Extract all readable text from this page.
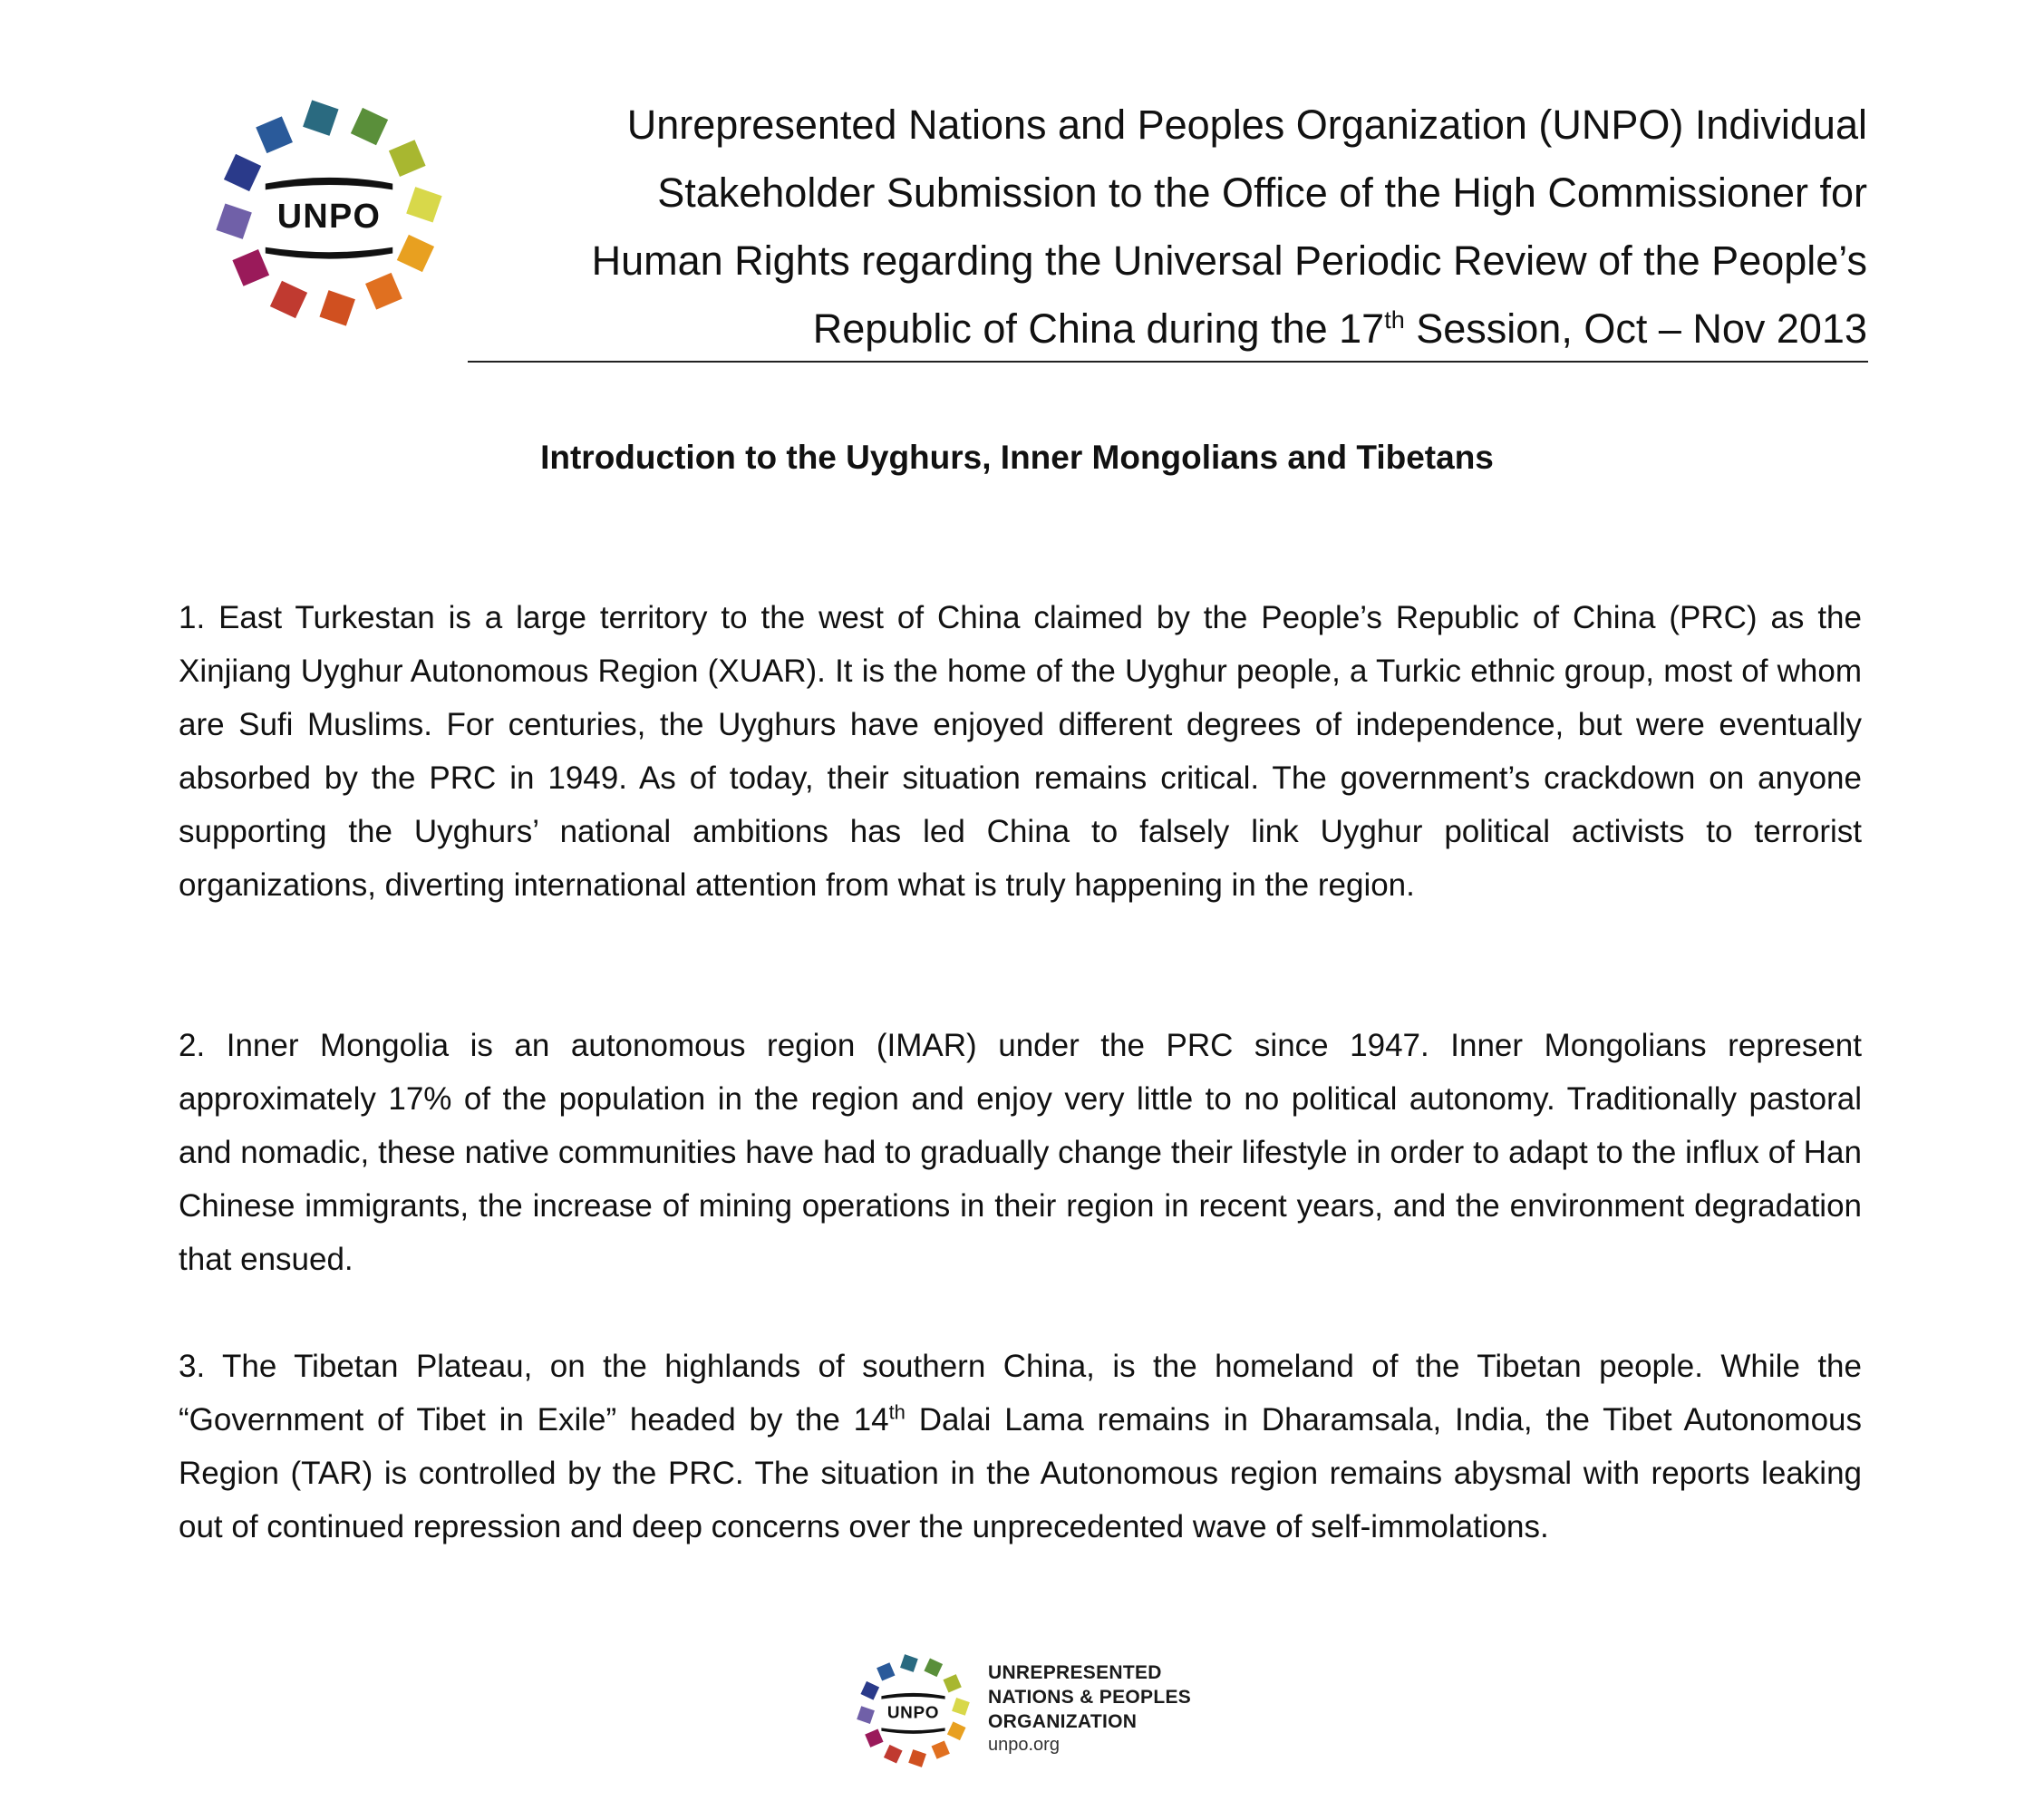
UNPO
Unrepresented Nations and Peoples Organization (UNPO) Individual
Stakeholder Submission to the Office of the High Commissioner for
Human Rights regarding the Universal Periodic Review of the People’s
Republic of China during the 17th Session, Oct – Nov 2013
Introduction to the Uyghurs, Inner Mongolians and Tibetans

1. East Turkestan is a large territory to the west of China claimed by the People’s Republic of China (PRC) as the Xinjiang Uyghur Autonomous Region (XUAR). It is the home of the Uyghur people, a Turkic ethnic group, most of whom are Sufi Muslims. For centuries, the Uyghurs have enjoyed different degrees of independence, but were eventually absorbed by the PRC in 1949. As of today, their situation remains critical. The government’s crackdown on anyone supporting the Uyghurs’ national ambitions has led China to falsely link Uyghur political activists to terrorist organizations, diverting international attention from what is truly happening in the region.

2. Inner Mongolia is an autonomous region (IMAR) under the PRC since 1947. Inner Mongolians represent approximately 17% of the population in the region and enjoy very little to no political autonomy. Traditionally pastoral and nomadic, these native communities have had to gradually change their lifestyle in order to adapt to the influx of Han Chinese immigrants, the increase of mining operations in their region in recent years, and the environment degradation that ensued.

3. The Tibetan Plateau, on the highlands of southern China, is the homeland of the Tibetan people. While the “Government of Tibet in Exile” headed by the 14th Dalai Lama remains in Dharamsala, India, the Tibet Autonomous Region (TAR) is controlled by the PRC. The situation in the Autonomous region remains abysmal with reports leaking out of continued repression and deep concerns over the unprecedented wave of self-immolations.

UNPO
UNREPRESENTED
NATIONS & PEOPLES
ORGANIZATION
unpo.org
